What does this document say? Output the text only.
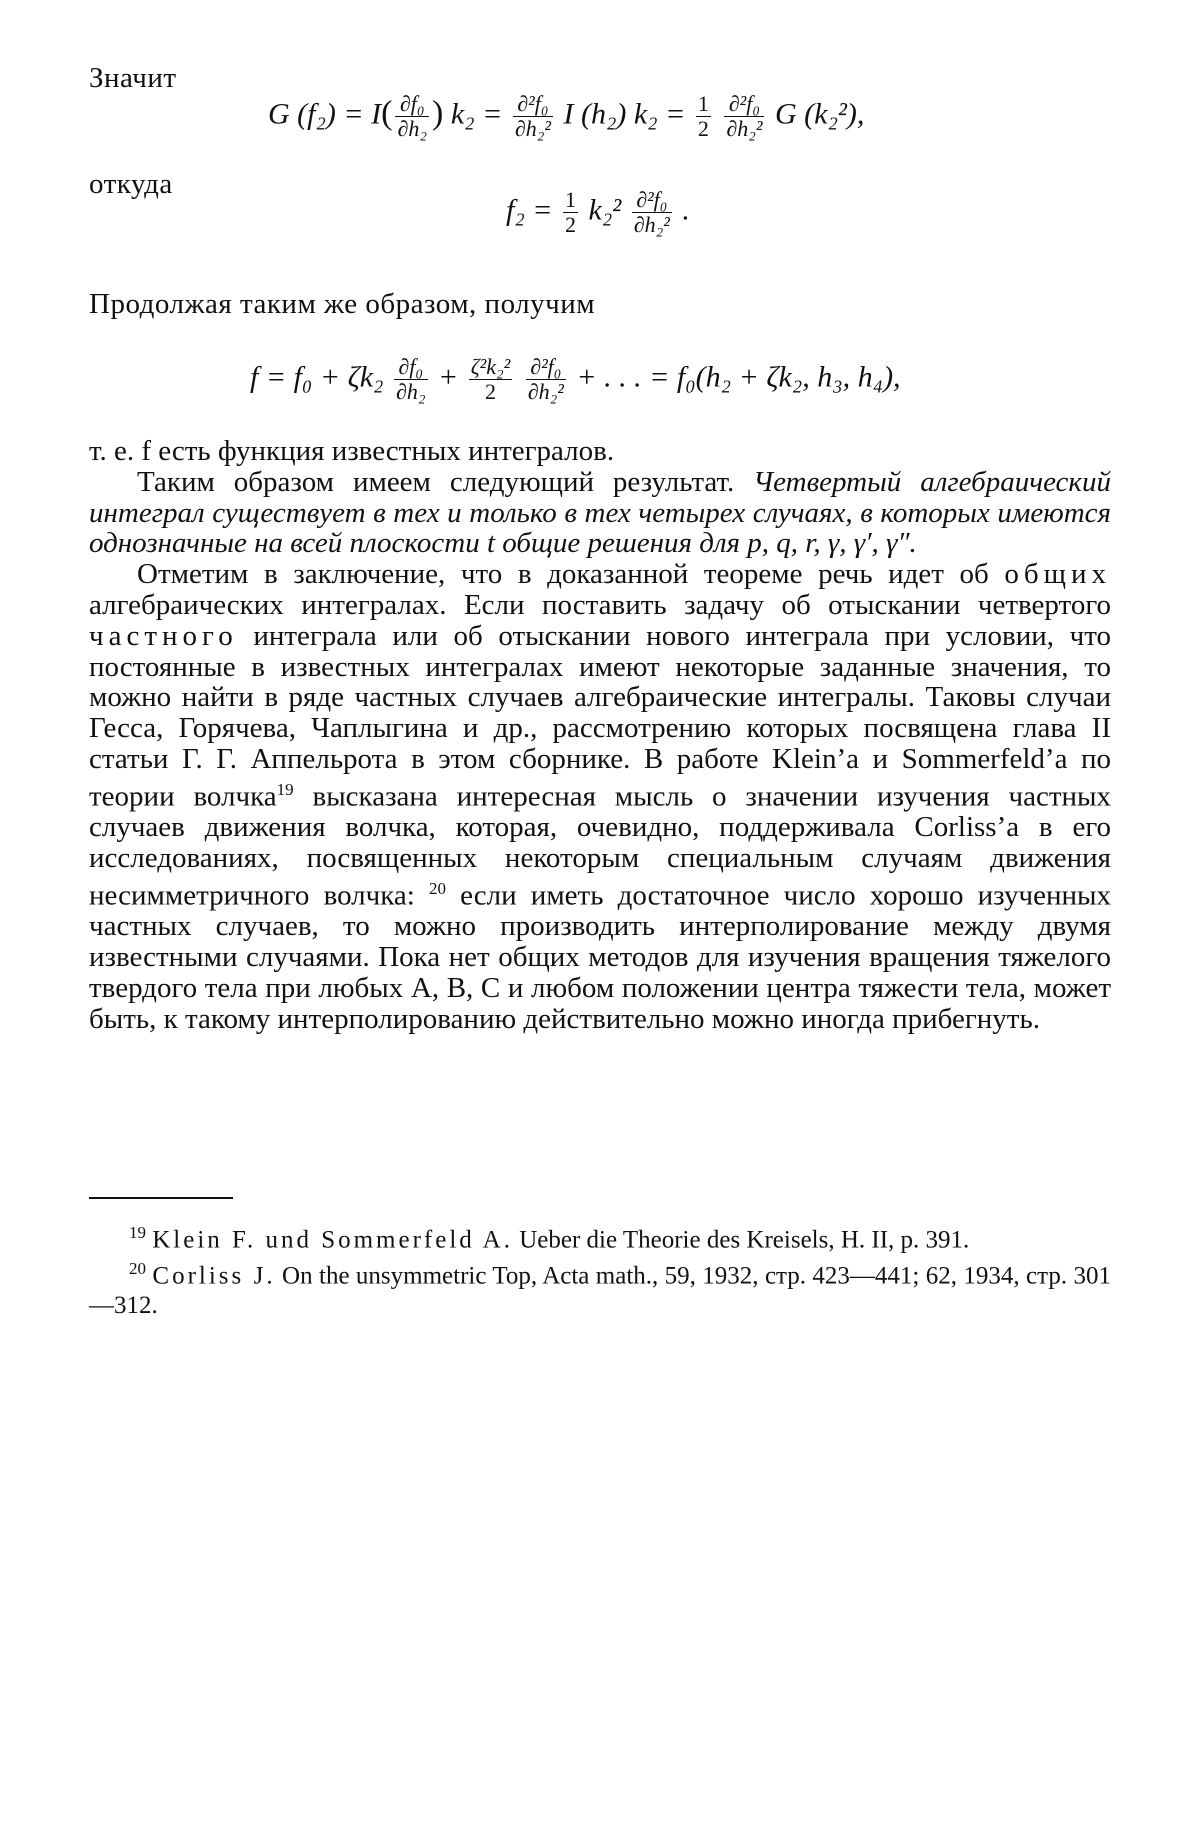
Значит
G $(f_2) = I( \frac{\text{∂f₀}}{\text{∂h₂}}$ ) $k_2 = \frac{\text{∂²f₀}}{\text{∂h₂²}}$ I (h₂) $k_2 = \frac{1}{2}$
$\frac{\text{∂²f₀}}{\text{∂h₂²}}$ G (k₂²),
откуда
$f_2 = \frac{1}{2} k_2^2 \frac{\text{∂²f₀}}{\text{∂h₂²}}$ .
Продолжая таким же образом, получим
$f = f_0 + \zeta k_2 \frac{\text{∂f₀}}{\text{∂h₂}} + \frac{\text{ζ²k₂²}}{2}$
$\frac{\text{∂²f₀}}{\text{∂h₂²}}$ + . . . = f₀(h₂ + ζk₂, h₃, h₄),

т. е. f есть функция известных интегралов.

Таким образом имеем следующий результат. Четвертый алгебраический интеграл существует в тех и только в тех четырех случаях, в которых имеются однозначные на всей плоскости t общие решения для p, q, r, γ, γ′, γ″.

Отметим в заключение, что в доказанной теореме речь идет об общих алгебраических интегралах. Если поставить задачу об отыскании четвертого частного интеграла или об отыскании нового интеграла при условии, что постоянные в известных интегралах имеют некоторые заданные значения, то можно найти в ряде частных случаев алгебраические интегралы. Таковы случаи Гесса, Горячева, Чаплыгина и др., рассмотрению которых посвящена глава II статьи Г. Г. Аппельрота в этом сборнике. В работе Klein’a и Sommerfeld’a по теории волчка$^{19}$ высказана интересная мысль о значении изучения частных случаев движения волчка, которая, очевидно, поддерживала Corliss’a в его исследованиях, посвященных некоторым специальным случаям движения несимметричного волчка: $^{20}$ если иметь достаточное число хорошо изученных частных случаев, то можно производить интерполирование между двумя известными случаями. Пока нет общих методов для изучения вращения тяжелого твердого тела при любых A, B, C и любом положении центра тяжести тела, может быть, к такому интерполированию действительно можно иногда прибегнуть.

$^{19}$ Klein F. und Sommerfeld A. Ueber die Theorie des Kreisels, H. II, p. 391.

$^{20}$ Corliss J. On the unsymmetric Top, Acta math., 59, 1932, стр. 423—441; 62, 1934, стр. 301—312.
